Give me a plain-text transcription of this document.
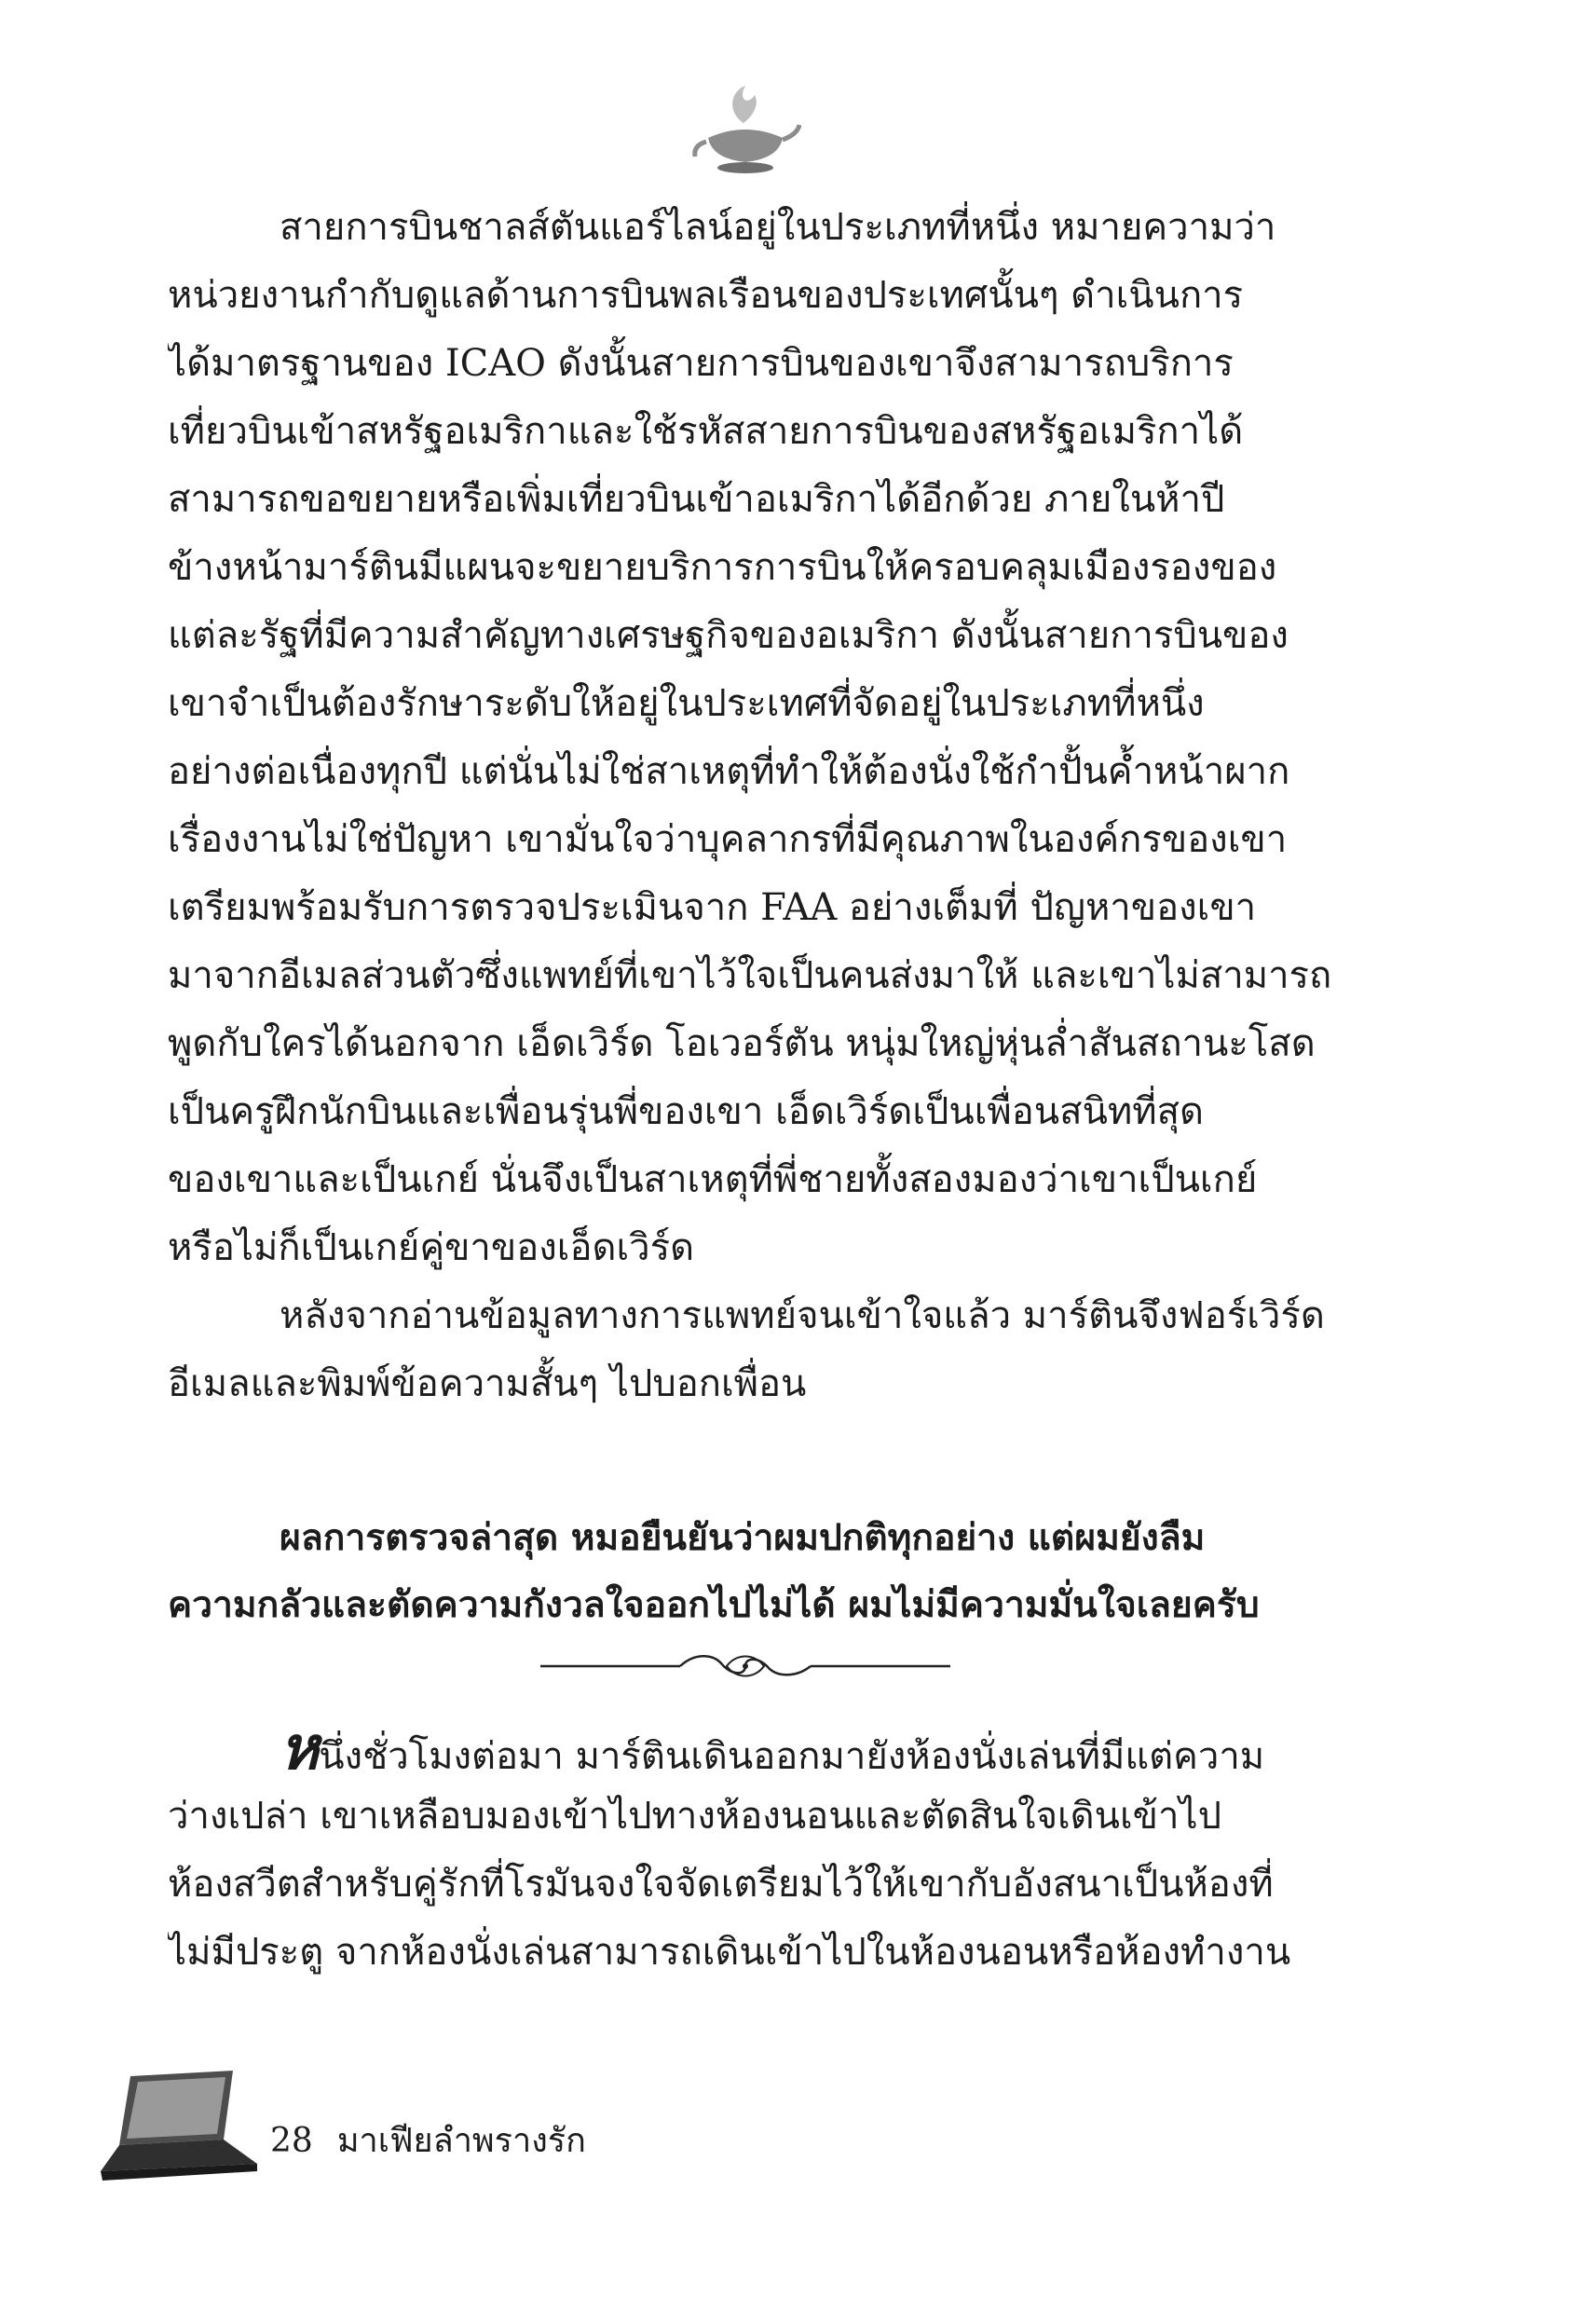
สายการบินชาลส์ตันแอร์ไลน์อยู่ในประเภทที่หนึ่ง หมายความว่า
หน่วยงานกำกับดูแลด้านการบินพลเรือนของประเทศนั้นๆ ดำเนินการ
ได้มาตรฐานของ ICAO ดังนั้นสายการบินของเขาจึงสามารถบริการ
เที่ยวบินเข้าสหรัฐอเมริกาและใช้รหัสสายการบินของสหรัฐอเมริกาได้
สามารถขอขยายหรือเพิ่มเที่ยวบินเข้าอเมริกาได้อีกด้วย ภายในห้าปี
ข้างหน้ามาร์ตินมีแผนจะขยายบริการการบินให้ครอบคลุมเมืองรองของ
แต่ละรัฐที่มีความสำคัญทางเศรษฐกิจของอเมริกา ดังนั้นสายการบินของ
เขาจำเป็นต้องรักษาระดับให้อยู่ในประเทศที่จัดอยู่ในประเภทที่หนึ่ง
อย่างต่อเนื่องทุกปี แต่นั่นไม่ใช่สาเหตุที่ทำให้ต้องนั่งใช้กำปั้นค้ำหน้าผาก
เรื่องงานไม่ใช่ปัญหา เขามั่นใจว่าบุคลากรที่มีคุณภาพในองค์กรของเขา
เตรียมพร้อมรับการตรวจประเมินจาก FAA อย่างเต็มที่ ปัญหาของเขา
มาจากอีเมลส่วนตัวซึ่งแพทย์ที่เขาไว้ใจเป็นคนส่งมาให้ และเขาไม่สามารถ
พูดกับใครได้นอกจาก เอ็ดเวิร์ด โอเวอร์ตัน หนุ่มใหญ่หุ่นล่ำสันสถานะโสด
เป็นครูฝึกนักบินและเพื่อนรุ่นพี่ของเขา เอ็ดเวิร์ดเป็นเพื่อนสนิทที่สุด
ของเขาและเป็นเกย์ นั่นจึงเป็นสาเหตุที่พี่ชายทั้งสองมองว่าเขาเป็นเกย์
หรือไม่ก็เป็นเกย์คู่ขาของเอ็ดเวิร์ด
หลังจากอ่านข้อมูลทางการแพทย์จนเข้าใจแล้ว มาร์ตินจึงฟอร์เวิร์ด
อีเมลและพิมพ์ข้อความสั้นๆ ไปบอกเพื่อน
ผลการตรวจล่าสุด หมอยืนยันว่าผมปกติทุกอย่าง แต่ผมยังลืม
ความกลัวและตัดความกังวลใจออกไปไม่ได้ ผมไม่มีความมั่นใจเลยครับ
หนึ่งชั่วโมงต่อมา มาร์ตินเดินออกมายังห้องนั่งเล่นที่มีแต่ความ
ว่างเปล่า เขาเหลือบมองเข้าไปทางห้องนอนและตัดสินใจเดินเข้าไป
ห้องสวีตสำหรับคู่รักที่โรมันจงใจจัดเตรียมไว้ให้เขากับอังสนาเป็นห้องที่
ไม่มีประตู จากห้องนั่งเล่นสามารถเดินเข้าไปในห้องนอนหรือห้องทำงาน
28 มาเฟียลำพรางรัก
